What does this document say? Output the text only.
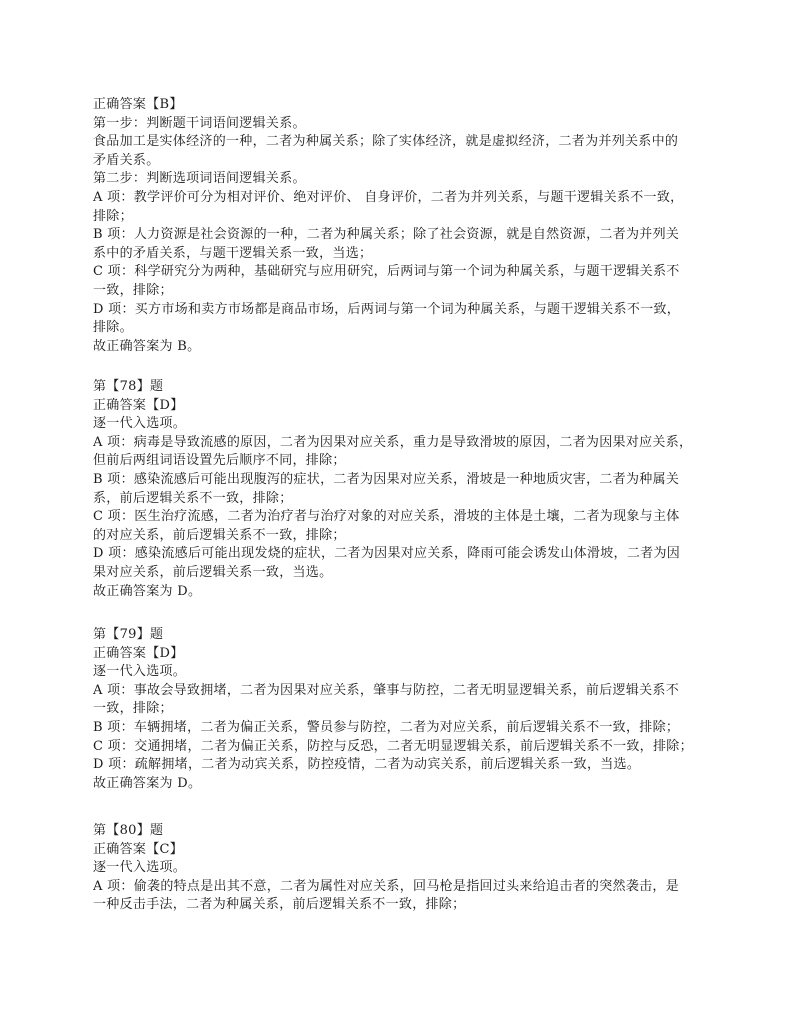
正确答案【B】
第一步：判断题干词语间逻辑关系。
食品加工是实体经济的一种，二者为种属关系；除了实体经济，就是虚拟经济，二者为并列关系中的
矛盾关系。
第二步：判断选项词语间逻辑关系。
A 项：教学评价可分为相对评价、绝对评价、 自身评价，二者为并列关系，与题干逻辑关系不一致，
排除；
B 项：人力资源是社会资源的一种，二者为种属关系；除了社会资源，就是自然资源，二者为并列关
系中的矛盾关系，与题干逻辑关系一致，当选；
C 项：科学研究分为两种，基础研究与应用研究，后两词与第一个词为种属关系，与题干逻辑关系不
一致，排除；
D 项：买方市场和卖方市场都是商品市场，后两词与第一个词为种属关系，与题干逻辑关系不一致，
排除。
故正确答案为 B。
第【78】题
正确答案【D】
逐一代入选项。
A 项：病毒是导致流感的原因，二者为因果对应关系，重力是导致滑坡的原因，二者为因果对应关系，
但前后两组词语设置先后顺序不同，排除；
B 项：感染流感后可能出现腹泻的症状，二者为因果对应关系，滑坡是一种地质灾害，二者为种属关
系，前后逻辑关系不一致，排除；
C 项：医生治疗流感，二者为治疗者与治疗对象的对应关系，滑坡的主体是土壤，二者为现象与主体
的对应关系，前后逻辑关系不一致，排除；
D 项：感染流感后可能出现发烧的症状，二者为因果对应关系，降雨可能会诱发山体滑坡，二者为因
果对应关系，前后逻辑关系一致，当选。
故正确答案为 D。
第【79】题
正确答案【D】
逐一代入选项。
A 项：事故会导致拥堵，二者为因果对应关系，肇事与防控，二者无明显逻辑关系，前后逻辑关系不
一致，排除；
B 项：车辆拥堵，二者为偏正关系，警员参与防控，二者为对应关系，前后逻辑关系不一致，排除；
C 项：交通拥堵，二者为偏正关系，防控与反恐，二者无明显逻辑关系，前后逻辑关系不一致，排除；
D 项：疏解拥堵，二者为动宾关系，防控疫情，二者为动宾关系，前后逻辑关系一致，当选。
故正确答案为 D。
第【80】题
正确答案【C】
逐一代入选项。
A 项：偷袭的特点是出其不意，二者为属性对应关系，回马枪是指回过头来给追击者的突然袭击，是
一种反击手法，二者为种属关系，前后逻辑关系不一致，排除；
